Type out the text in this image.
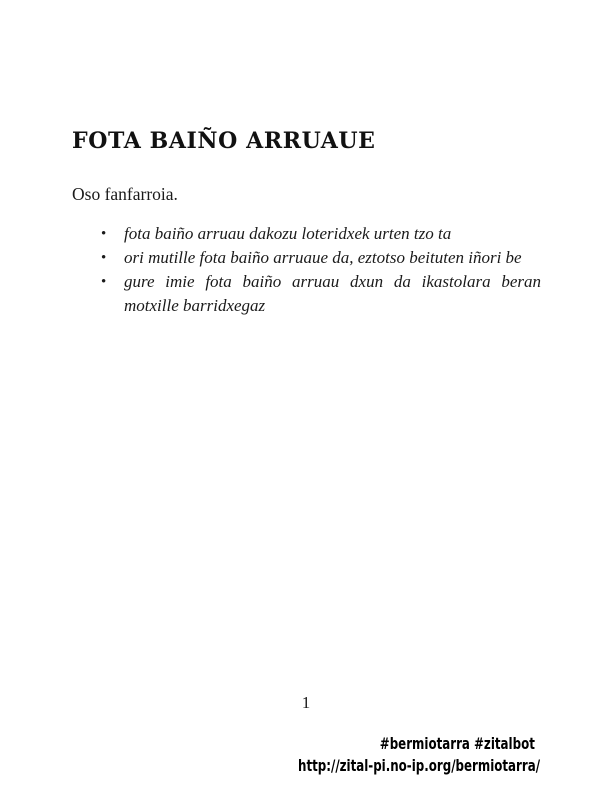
FOTA BAIÑO ARRUAUE

Oso fanfarroia.

• fota baiño arruau dakozu loteridxek urten tzo ta
• ori mutille fota baiño arruaue da, eztotso beituten iñori be
• gure imie fota baiño arruau dxun da ikastolara beran motxille barridxegaz
1
#bermiotarra #zitalbot
http://zital-pi.no-ip.org/bermiotarra/
